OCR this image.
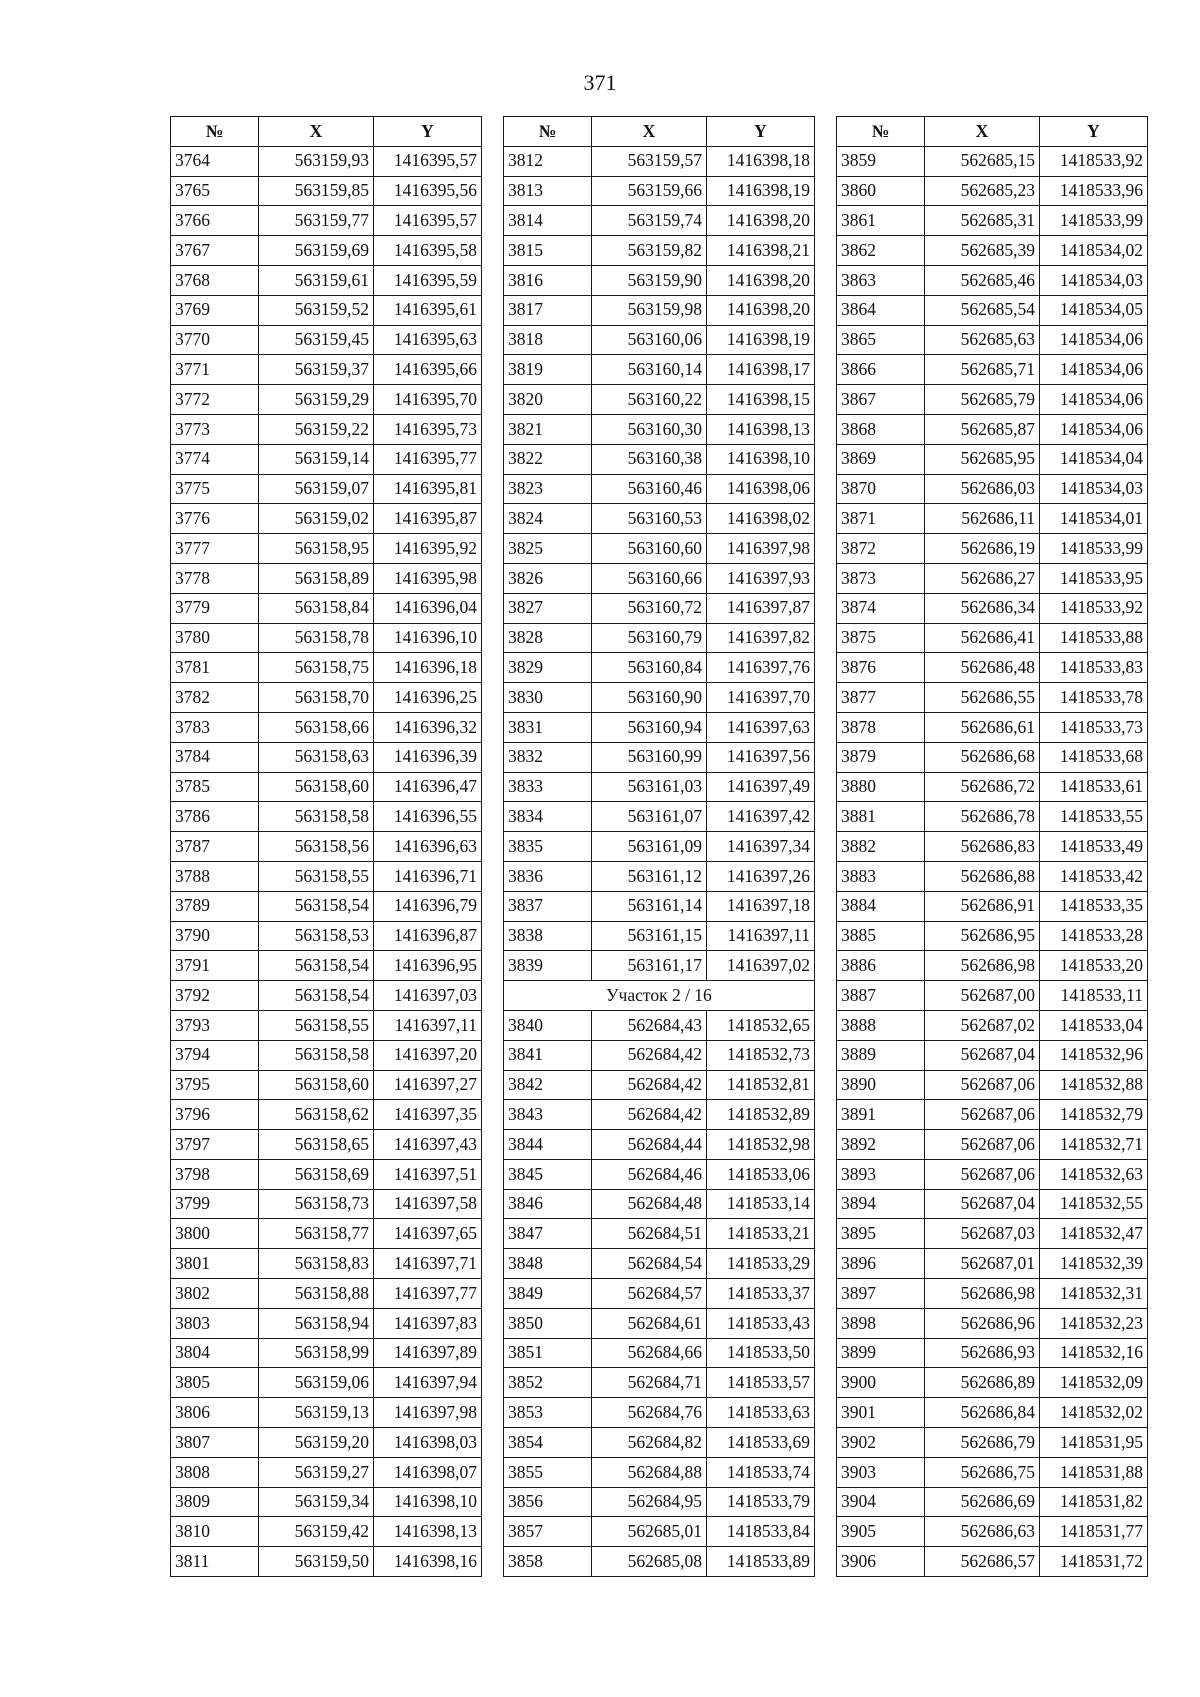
371
№	X	Y
3764	563159,93	1416395,57
3765	563159,85	1416395,56
3766	563159,77	1416395,57
3767	563159,69	1416395,58
3768	563159,61	1416395,59
3769	563159,52	1416395,61
3770	563159,45	1416395,63
3771	563159,37	1416395,66
3772	563159,29	1416395,70
3773	563159,22	1416395,73
3774	563159,14	1416395,77
3775	563159,07	1416395,81
3776	563159,02	1416395,87
3777	563158,95	1416395,92
3778	563158,89	1416395,98
3779	563158,84	1416396,04
3780	563158,78	1416396,10
3781	563158,75	1416396,18
3782	563158,70	1416396,25
3783	563158,66	1416396,32
3784	563158,63	1416396,39
3785	563158,60	1416396,47
3786	563158,58	1416396,55
3787	563158,56	1416396,63
3788	563158,55	1416396,71
3789	563158,54	1416396,79
3790	563158,53	1416396,87
3791	563158,54	1416396,95
3792	563158,54	1416397,03
3793	563158,55	1416397,11
3794	563158,58	1416397,20
3795	563158,60	1416397,27
3796	563158,62	1416397,35
3797	563158,65	1416397,43
3798	563158,69	1416397,51
3799	563158,73	1416397,58
3800	563158,77	1416397,65
3801	563158,83	1416397,71
3802	563158,88	1416397,77
3803	563158,94	1416397,83
3804	563158,99	1416397,89
3805	563159,06	1416397,94
3806	563159,13	1416397,98
3807	563159,20	1416398,03
3808	563159,27	1416398,07
3809	563159,34	1416398,10
3810	563159,42	1416398,13
3811	563159,50	1416398,16
№	X	Y
3812	563159,57	1416398,18
3813	563159,66	1416398,19
3814	563159,74	1416398,20
3815	563159,82	1416398,21
3816	563159,90	1416398,20
3817	563159,98	1416398,20
3818	563160,06	1416398,19
3819	563160,14	1416398,17
3820	563160,22	1416398,15
3821	563160,30	1416398,13
3822	563160,38	1416398,10
3823	563160,46	1416398,06
3824	563160,53	1416398,02
3825	563160,60	1416397,98
3826	563160,66	1416397,93
3827	563160,72	1416397,87
3828	563160,79	1416397,82
3829	563160,84	1416397,76
3830	563160,90	1416397,70
3831	563160,94	1416397,63
3832	563160,99	1416397,56
3833	563161,03	1416397,49
3834	563161,07	1416397,42
3835	563161,09	1416397,34
3836	563161,12	1416397,26
3837	563161,14	1416397,18
3838	563161,15	1416397,11
3839	563161,17	1416397,02
Участок 2 / 16		
3840	562684,43	1418532,65
3841	562684,42	1418532,73
3842	562684,42	1418532,81
3843	562684,42	1418532,89
3844	562684,44	1418532,98
3845	562684,46	1418533,06
3846	562684,48	1418533,14
3847	562684,51	1418533,21
3848	562684,54	1418533,29
3849	562684,57	1418533,37
3850	562684,61	1418533,43
3851	562684,66	1418533,50
3852	562684,71	1418533,57
3853	562684,76	1418533,63
3854	562684,82	1418533,69
3855	562684,88	1418533,74
3856	562684,95	1418533,79
3857	562685,01	1418533,84
3858	562685,08	1418533,89
№	X	Y
3859	562685,15	1418533,92
3860	562685,23	1418533,96
3861	562685,31	1418533,99
3862	562685,39	1418534,02
3863	562685,46	1418534,03
3864	562685,54	1418534,05
3865	562685,63	1418534,06
3866	562685,71	1418534,06
3867	562685,79	1418534,06
3868	562685,87	1418534,06
3869	562685,95	1418534,04
3870	562686,03	1418534,03
3871	562686,11	1418534,01
3872	562686,19	1418533,99
3873	562686,27	1418533,95
3874	562686,34	1418533,92
3875	562686,41	1418533,88
3876	562686,48	1418533,83
3877	562686,55	1418533,78
3878	562686,61	1418533,73
3879	562686,68	1418533,68
3880	562686,72	1418533,61
3881	562686,78	1418533,55
3882	562686,83	1418533,49
3883	562686,88	1418533,42
3884	562686,91	1418533,35
3885	562686,95	1418533,28
3886	562686,98	1418533,20
3887	562687,00	1418533,11
3888	562687,02	1418533,04
3889	562687,04	1418532,96
3890	562687,06	1418532,88
3891	562687,06	1418532,79
3892	562687,06	1418532,71
3893	562687,06	1418532,63
3894	562687,04	1418532,55
3895	562687,03	1418532,47
3896	562687,01	1418532,39
3897	562686,98	1418532,31
3898	562686,96	1418532,23
3899	562686,93	1418532,16
3900	562686,89	1418532,09
3901	562686,84	1418532,02
3902	562686,79	1418531,95
3903	562686,75	1418531,88
3904	562686,69	1418531,82
3905	562686,63	1418531,77
3906	562686,57	1418531,72
